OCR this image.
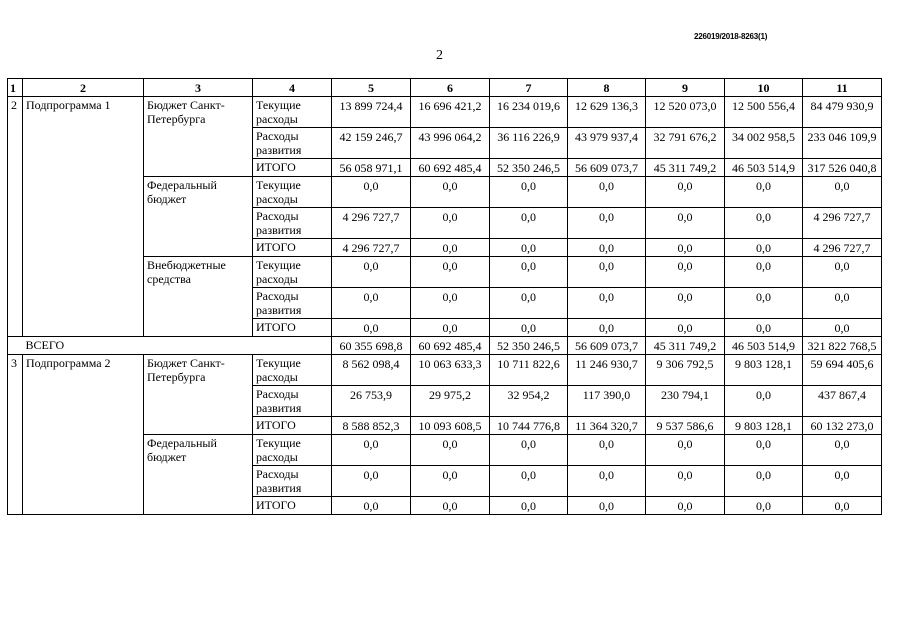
226019/2018-8263(1)
2
1	2	3	4	5	6	7	8	9	10	11
2	Подпрограмма 1	Бюджет Санкт-Петербурга	Текущие расходы	13 899 724,4	16 696 421,2	16 234 019,6	12 629 136,3	12 520 073,0	12 500 556,4	84 479 930,9
			Расходы развития	42 159 246,7	43 996 064,2	36 116 226,9	43 979 937,4	32 791 676,2	34 002 958,5	233 046 109,9
			ИТОГО	56 058 971,1	60 692 485,4	52 350 246,5	56 609 073,7	45 311 749,2	46 503 514,9	317 526 040,8
		Федеральный бюджет	Текущие расходы	0,0	0,0	0,0	0,0	0,0	0,0	0,0
			Расходы развития	4 296 727,7	0,0	0,0	0,0	0,0	0,0	4 296 727,7
			ИТОГО	4 296 727,7	0,0	0,0	0,0	0,0	0,0	4 296 727,7
		Внебюджетные средства	Текущие расходы	0,0	0,0	0,0	0,0	0,0	0,0	0,0
			Расходы развития	0,0	0,0	0,0	0,0	0,0	0,0	0,0
			ИТОГО	0,0	0,0	0,0	0,0	0,0	0,0	0,0
	ВСЕГО			60 355 698,8	60 692 485,4	52 350 246,5	56 609 073,7	45 311 749,2	46 503 514,9	321 822 768,5
3	Подпрограмма 2	Бюджет Санкт-Петербурга	Текущие расходы	8 562 098,4	10 063 633,3	10 711 822,6	11 246 930,7	9 306 792,5	9 803 128,1	59 694 405,6
			Расходы развития	26 753,9	29 975,2	32 954,2	117 390,0	230 794,1	0,0	437 867,4
			ИТОГО	8 588 852,3	10 093 608,5	10 744 776,8	11 364 320,7	9 537 586,6	9 803 128,1	60 132 273,0
		Федеральный бюджет	Текущие расходы	0,0	0,0	0,0	0,0	0,0	0,0	0,0
			Расходы развития	0,0	0,0	0,0	0,0	0,0	0,0	0,0
			ИТОГО	0,0	0,0	0,0	0,0	0,0	0,0	0,0
